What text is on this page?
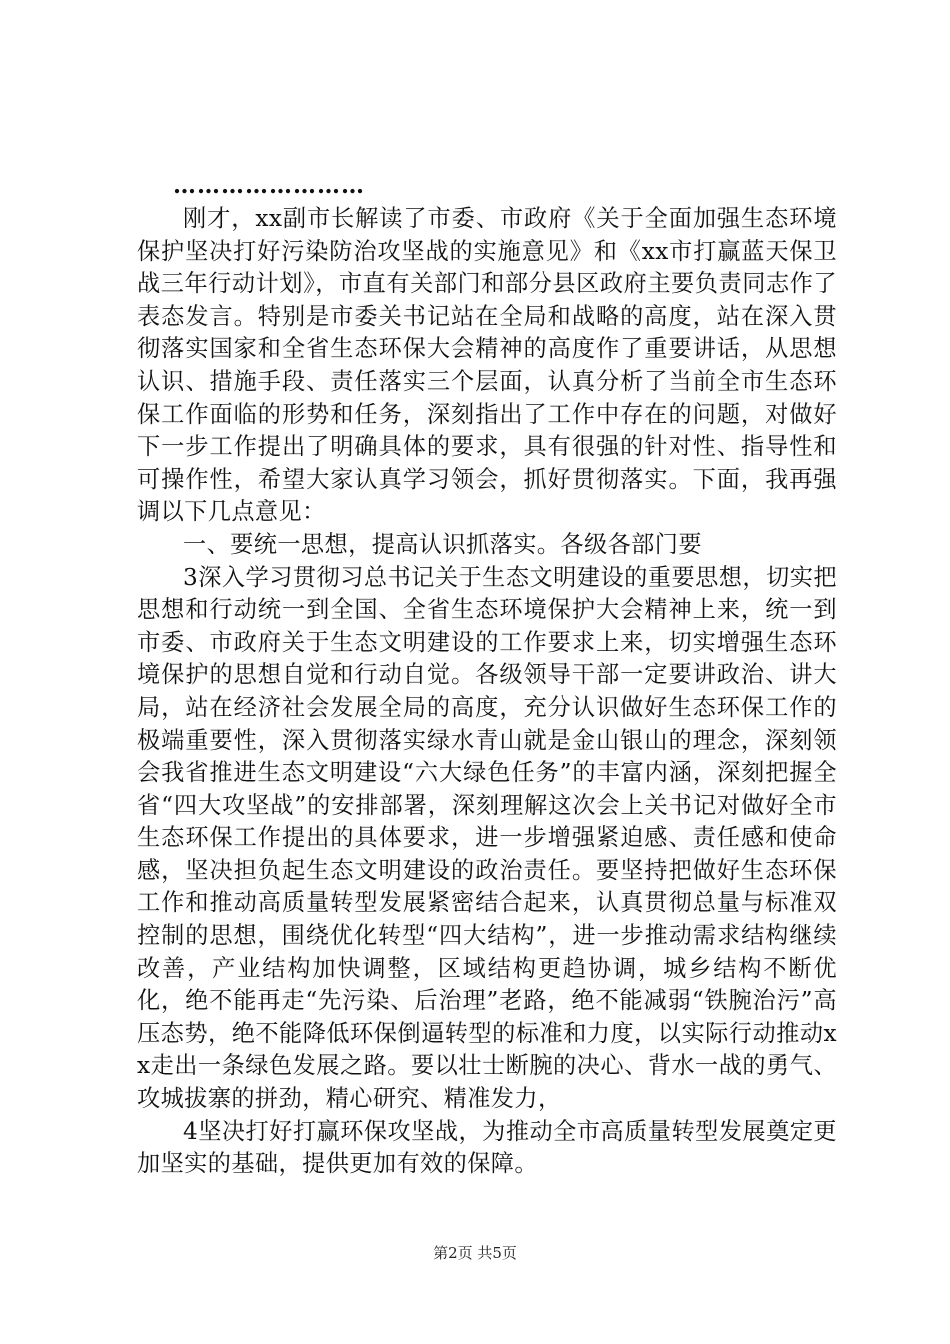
……………………

刚才，xx副市长解读了市委、市政府《关于全面加强生态环境保护坚决打好污染防治攻坚战的实施意见》和《xx市打赢蓝天保卫战三年行动计划》，市直有关部门和部分县区政府主要负责同志作了表态发言。特别是市委关书记站在全局和战略的高度，站在深入贯彻落实国家和全省生态环保大会精神的高度作了重要讲话，从思想认识、措施手段、责任落实三个层面，认真分析了当前全市生态环保工作面临的形势和任务，深刻指出了工作中存在的问题，对做好下一步工作提出了明确具体的要求，具有很强的针对性、指导性和可操作性，希望大家认真学习领会，抓好贯彻落实。下面，我再强调以下几点意见：

一、要统一思想，提高认识抓落实。各级各部门要

3深入学习贯彻习总书记关于生态文明建设的重要思想，切实把思想和行动统一到全国、全省生态环境保护大会精神上来，统一到市委、市政府关于生态文明建设的工作要求上来，切实增强生态环境保护的思想自觉和行动自觉。各级领导干部一定要讲政治、讲大局，站在经济社会发展全局的高度，充分认识做好生态环保工作的极端重要性，深入贯彻落实绿水青山就是金山银山的理念，深刻领会我省推进生态文明建设“六大绿色任务”的丰富内涵，深刻把握全省“四大攻坚战”的安排部署，深刻理解这次会上关书记对做好全市生态环保工作提出的具体要求，进一步增强紧迫感、责任感和使命感，坚决担负起生态文明建设的政治责任。要坚持把做好生态环保工作和推动高质量转型发展紧密结合起来，认真贯彻总量与标准双控制的思想，围绕优化转型“四大结构”，进一步推动需求结构继续改善，产业结构加快调整，区域结构更趋协调，城乡结构不断优化，绝不能再走“先污染、后治理”老路，绝不能减弱“铁腕治污”高压态势，绝不能降低环保倒逼转型的标准和力度，以实际行动推动xx走出一条绿色发展之路。要以壮士断腕的决心、背水一战的勇气、攻城拔寨的拼劲，精心研究、精准发力，

4坚决打好打赢环保攻坚战，为推动全市高质量转型发展奠定更加坚实的基础，提供更加有效的保障。

第2页 共5页
